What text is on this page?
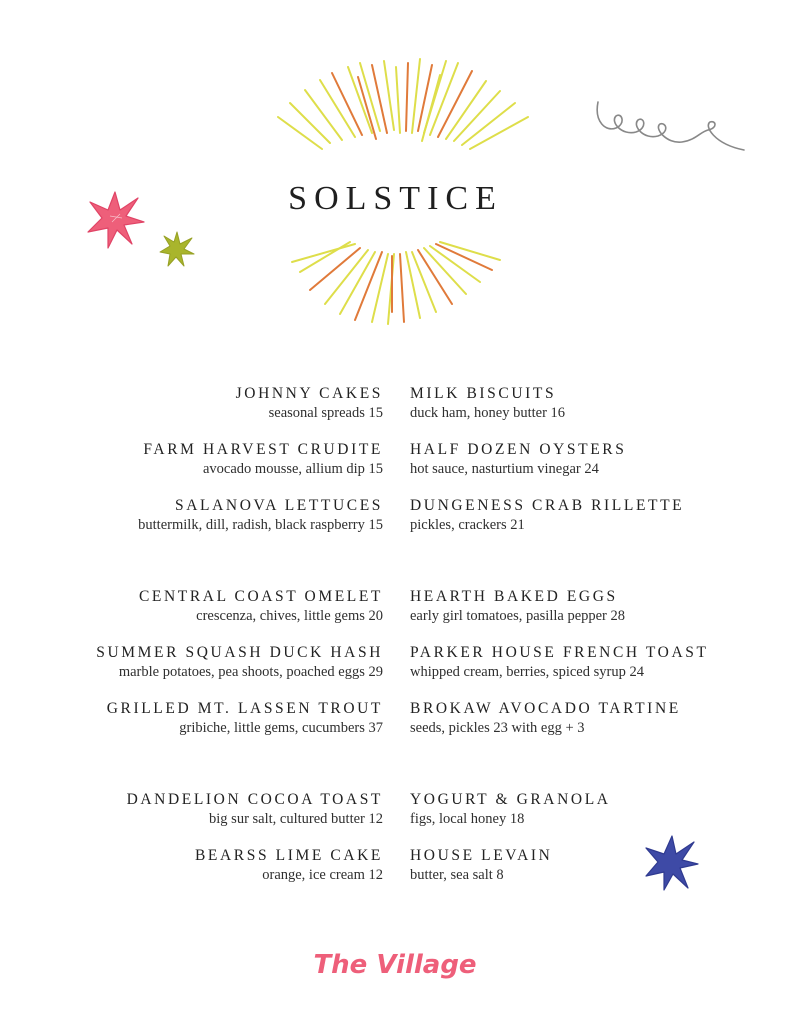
SOLSTICE
JOHNNY CAKES
seasonal spreads 15
FARM HARVEST CRUDITE
avocado mousse, allium dip 15
SALANOVA LETTUCES
buttermilk, dill, radish, black raspberry 15
MILK BISCUITS
duck ham, honey butter 16
HALF DOZEN OYSTERS
hot sauce, nasturtium vinegar 24
DUNGENESS CRAB RILLETTE
pickles, crackers 21
CENTRAL COAST OMELET
crescenza, chives, little gems 20
SUMMER SQUASH DUCK HASH
marble potatoes, pea shoots, poached eggs 29
GRILLED MT. LASSEN TROUT
gribiche, little gems, cucumbers 37
HEARTH BAKED EGGS
early girl tomatoes, pasilla pepper 28
PARKER HOUSE FRENCH TOAST
whipped cream, berries, spiced syrup 24
BROKAW AVOCADO TARTINE
seeds, pickles 23 with egg + 3
DANDELION COCOA TOAST
big sur salt, cultured butter 12
BEARSS LIME CAKE
orange, ice cream 12
YOGURT & GRANOLA
figs, local honey 18
HOUSE LEVAIN
butter, sea salt 8
The Village
